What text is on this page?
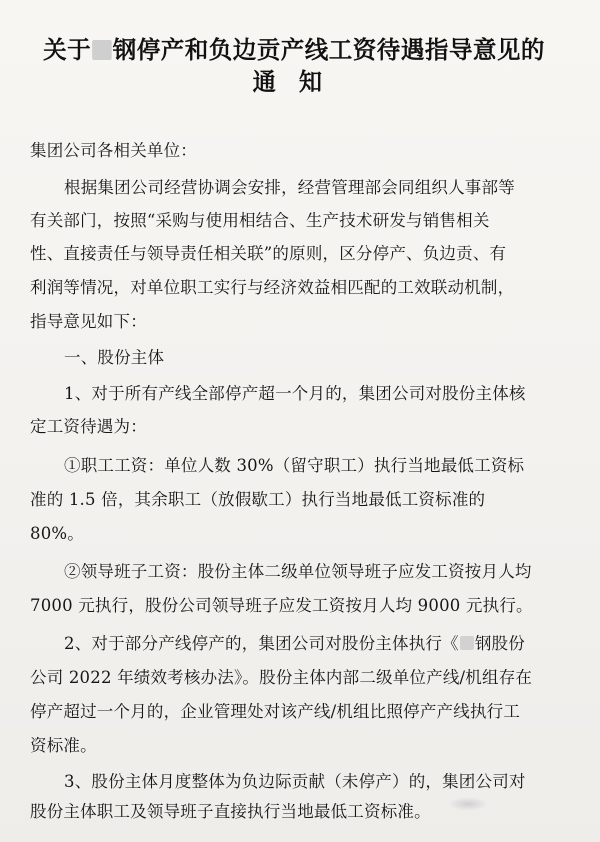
关于 钢停产和负边贡产线工资待遇指导意见的
通知
集团公司各相关单位：
根据集团公司经营协调会安排，经营管理部会同组织人事部等
有关部门，按照“采购与使用相结合、生产技术研发与销售相关
性、直接责任与领导责任相关联”的原则，区分停产、负边贡、有
利润等情况，对单位职工实行与经济效益相匹配的工效联动机制，
指导意见如下：
一、股份主体
1、对于所有产线全部停产超一个月的，集团公司对股份主体核
定工资待遇为：
①职工工资：单位人数 30%（留守职工）执行当地最低工资标
准的 1.5 倍，其余职工（放假歇工）执行当地最低工资标准的
80%。
②领导班子工资：股份主体二级单位领导班子应发工资按月人均
7000 元执行，股份公司领导班子应发工资按月人均 9000 元执行。
2、对于部分产线停产的，集团公司对股份主体执行《 钢股份
公司 2022 年绩效考核办法》。股份主体内部二级单位产线/机组存在
停产超过一个月的，企业管理处对该产线/机组比照停产产线执行工
资标准。
3、股份主体月度整体为负边际贡献（未停产）的，集团公司对
股份主体职工及领导班子直接执行当地最低工资标准。
